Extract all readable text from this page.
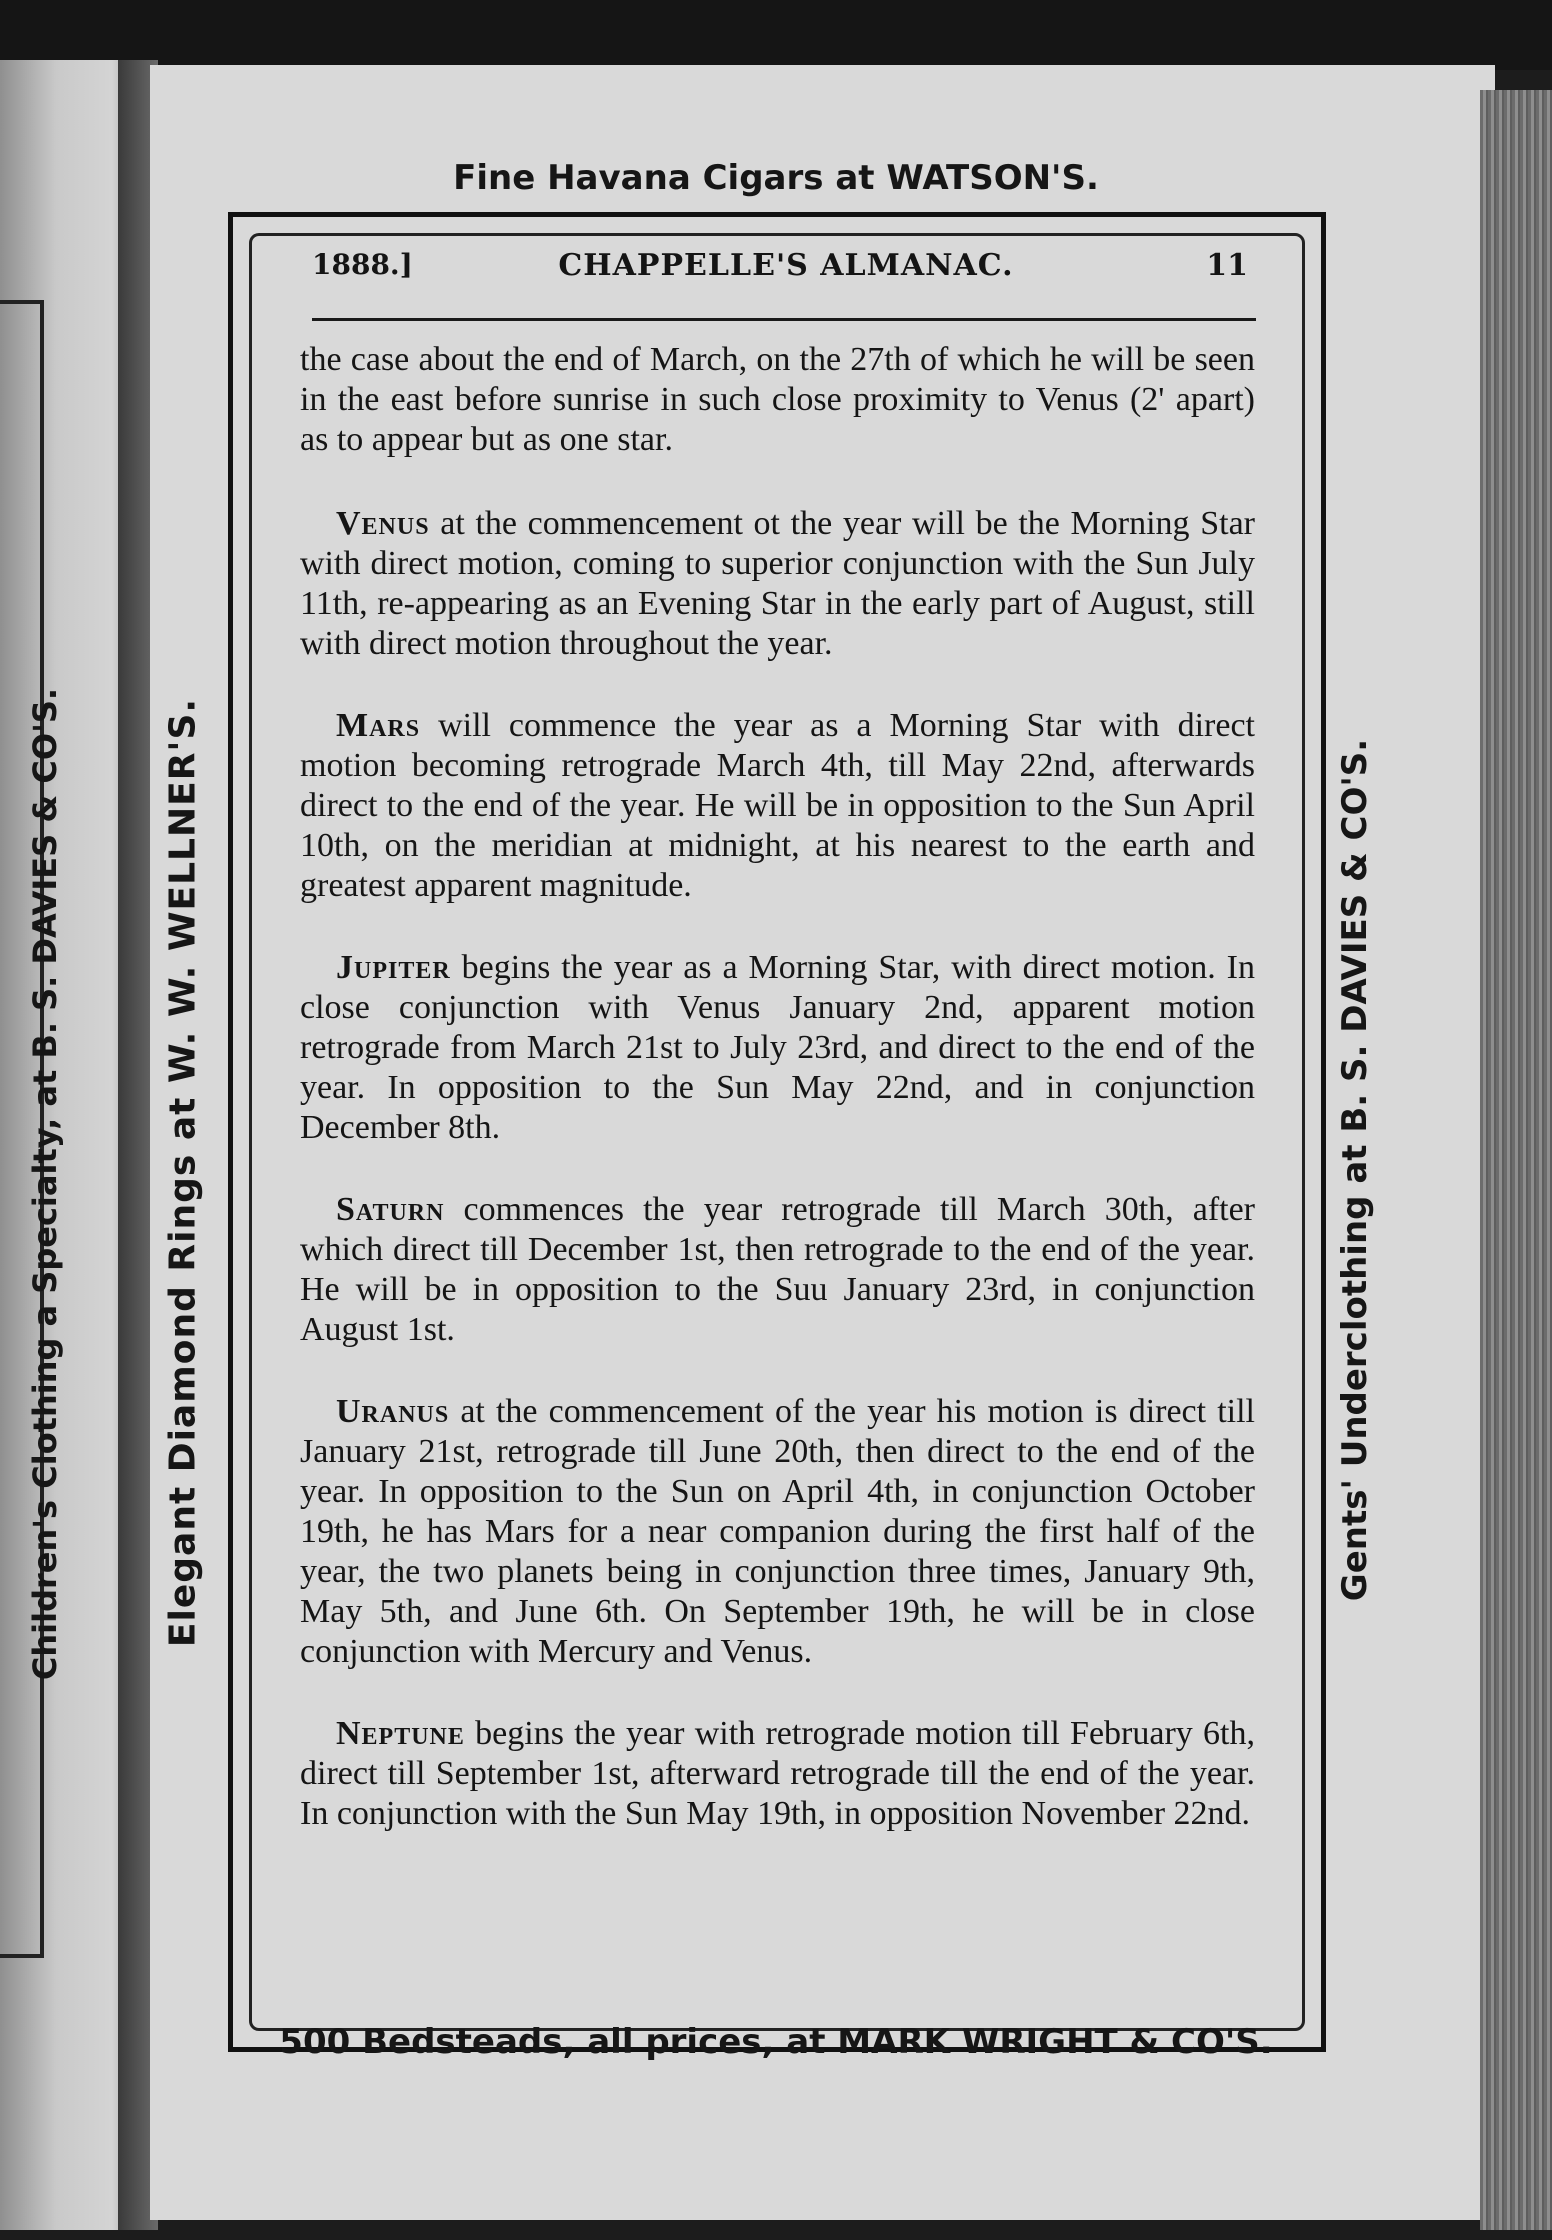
Children's Clothing a Specialty, at B. S. DAVIES & CO'S.
Fine Havana Cigars at WATSON'S.
Elegant Diamond Rings at W. W. WELLNER'S.	Gents' Underclothing at B. S. DAVIES & CO'S.
1888.]	CHAPPELLE'S ALMANAC.	11

the case about the end of March, on the 27th of which he will be seen in the east before sunrise in such close proximity to Venus (2' apart) as to appear but as one star.

Venus at the commencement ot the year will be the Morning Star with direct motion, coming to superior conjunction with the Sun July 11th, re-appearing as an Evening Star in the early part of August, still with direct motion throughout the year.

Mars will commence the year as a Morning Star with direct motion becoming retrograde March 4th, till May 22nd, afterwards direct to the end of the year. He will be in opposition to the Sun April 10th, on the meridian at midnight, at his nearest to the earth and greatest apparent magnitude.

Jupiter begins the year as a Morning Star, with direct motion. In close conjunction with Venus January 2nd, apparent motion retrograde from March 21st to July 23rd, and direct to the end of the year. In opposition to the Sun May 22nd, and in conjunction December 8th.

Saturn commences the year retrograde till March 30th, after which direct till December 1st, then retrograde to the end of the year. He will be in opposition to the Suu January 23rd, in conjunction August 1st.

Uranus at the commencement of the year his motion is direct till January 21st, retrograde till June 20th, then direct to the end of the year. In opposition to the Sun on April 4th, in conjunction October 19th, he has Mars for a near companion during the first half of the year, the two planets being in conjunction three times, January 9th, May 5th, and June 6th. On September 19th, he will be in close conjunction with Mercury and Venus.

Neptune begins the year with retrograde motion till February 6th, direct till September 1st, afterward retrograde till the end of the year. In conjunction with the Sun May 19th, in opposition November 22nd.

500 Bedsteads, all prices, at MARK WRIGHT & CO'S.
